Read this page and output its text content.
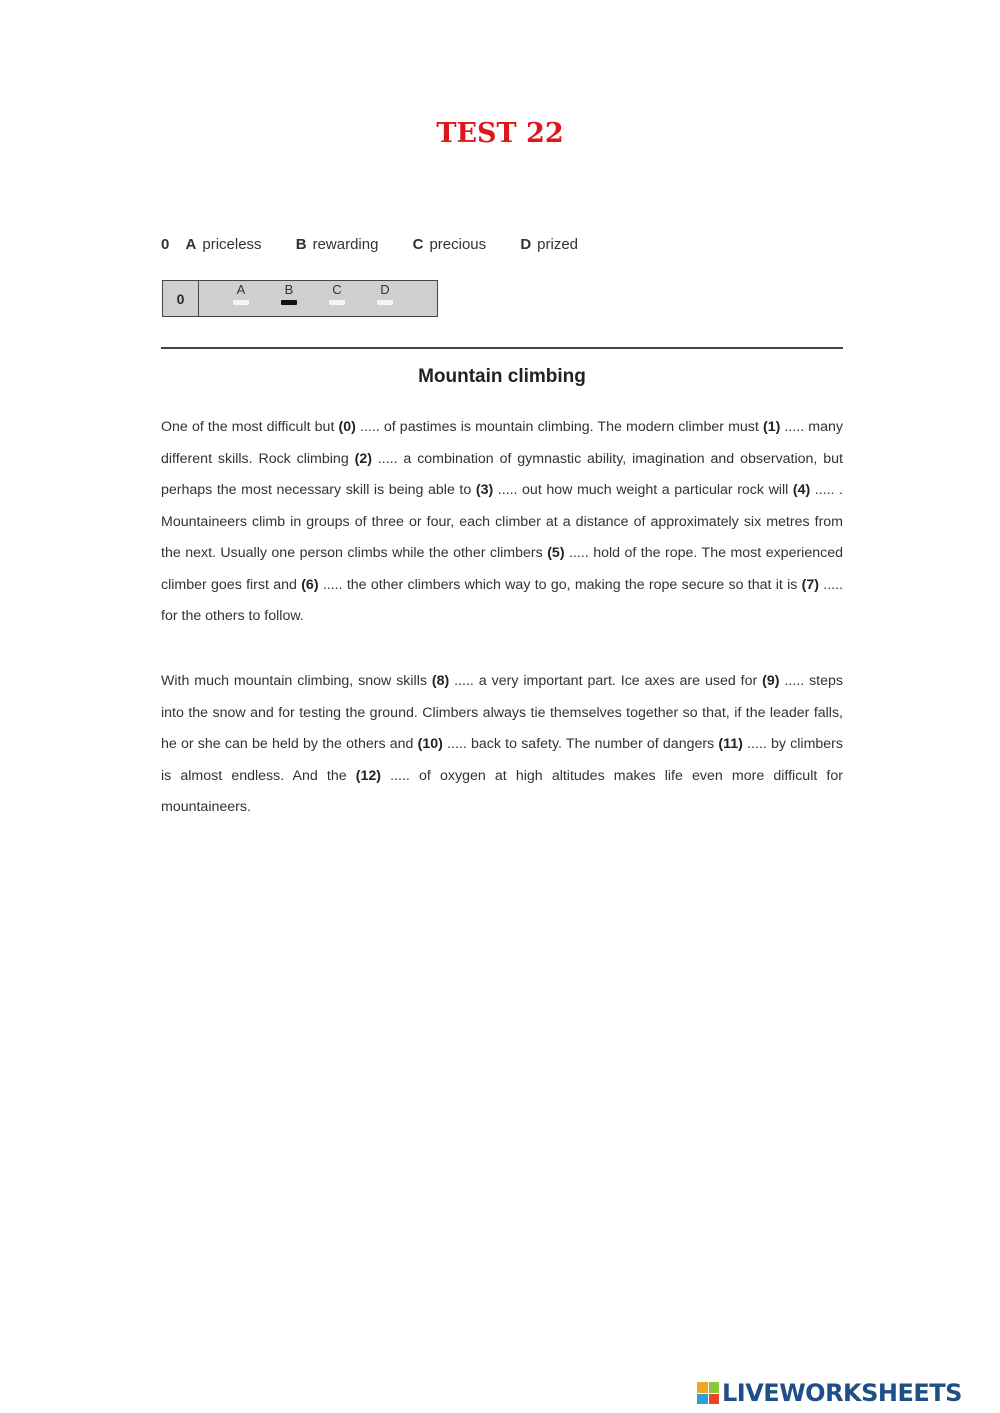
TEST 22
0 A priceless B rewarding C precious D prized
0
A	B	C	D
Mountain climbing

One of the most difficult but (0) ..... of pastimes is mountain climbing. The modern climber must (1) ..... many different skills. Rock climbing (2) ..... a combination of gymnastic ability, imagination and observation, but perhaps the most necessary skill is being able to (3) ..... out how much weight a particular rock will (4) ..... . Mountaineers climb in groups of three or four, each climber at a distance of approximately six metres from the next. Usually one person climbs while the other climbers (5) ..... hold of the rope. The most experienced climber goes first and (6) ..... the other climbers which way to go, making the rope secure so that it is (7) ..... for the others to follow.

With much mountain climbing, snow skills (8) ..... a very important part. Ice axes are used for (9) ..... steps into the snow and for testing the ground. Climbers always tie themselves together so that, if the leader falls, he or she can be held by the others and (10) ..... back to safety. The number of dangers (11) ..... by climbers is almost endless. And the (12) ..... of oxygen at high altitudes makes life even more difficult for mountaineers.

LIVEWORKSHEETS
